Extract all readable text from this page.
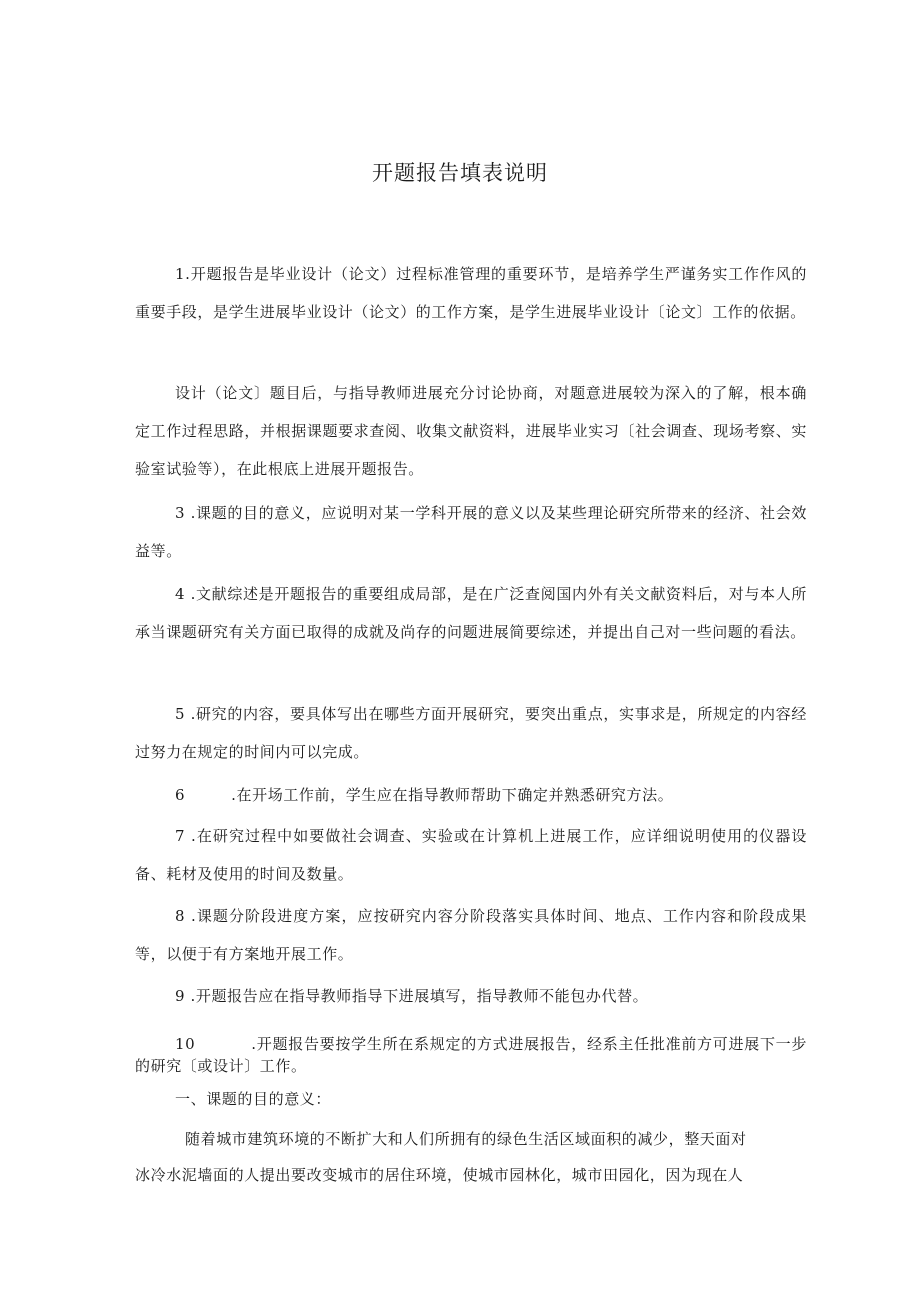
开题报告填表说明
1.开题报告是毕业设计（论文）过程标准管理的重要环节，是培养学生严谨务实工作作风的重要手段，是学生进展毕业设计（论文）的工作方案，是学生进展毕业设计〔论文〕工作的依据。
设计（论文〕题目后，与指导教师进展充分讨论协商，对题意进展较为深入的了解，根本确定工作过程思路，并根据课题要求查阅、收集文献资料，进展毕业实习〔社会调查、现场考察、实验室试验等），在此根底上进展开题报告。
3 .课题的目的意义，应说明对某一学科开展的意义以及某些理论研究所带来的经济、社会效益等。
4 .文献综述是开题报告的重要组成局部，是在广泛查阅国内外有关文献资料后，对与本人所承当课题研究有关方面已取得的成就及尚存的问题进展简要综述，并提出自己对一些问题的看法。
5 .研究的内容，要具体写出在哪些方面开展研究，要突出重点，实事求是，所规定的内容经过努力在规定的时间内可以完成。
6	.在开场工作前，学生应在指导教师帮助下确定并熟悉研究方法。
7 .在研究过程中如要做社会调查、实验或在计算机上进展工作，应详细说明使用的仪器设备、耗材及使用的时间及数量。
8 .课题分阶段进度方案，应按研究内容分阶段落实具体时间、地点、工作内容和阶段成果等，以便于有方案地开展工作。
9 .开题报告应在指导教师指导下进展填写，指导教师不能包办代替。
10	.开题报告要按学生所在系规定的方式进展报告，经系主任批准前方可进展下一步的研究〔或设计〕工作。
一、课题的目的意义：
随着城市建筑环境的不断扩大和人们所拥有的绿色生活区域面积的减少，整天面对
冰冷水泥墙面的人提出要改变城市的居住环境，使城市园林化，城市田园化，因为现在人
